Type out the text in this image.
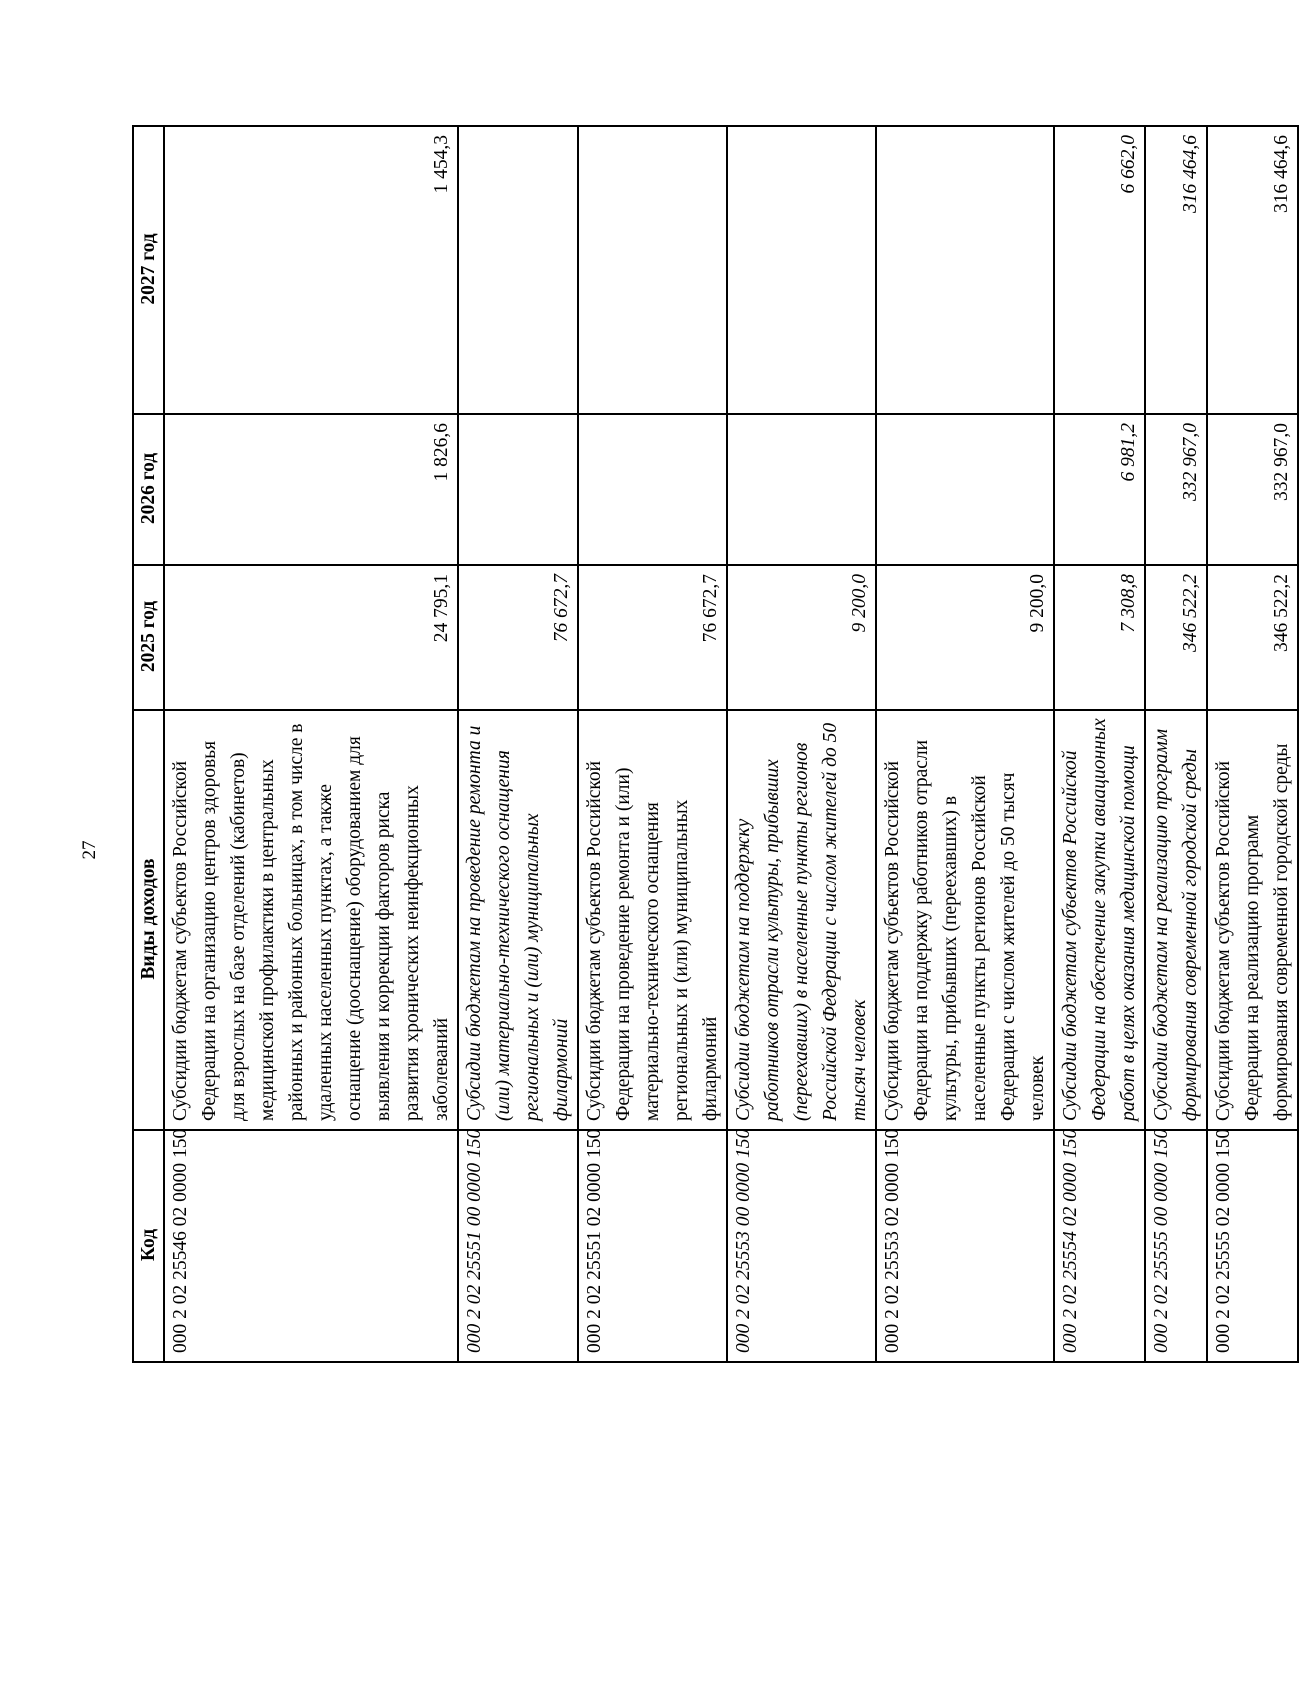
27
Код	Виды доходов	2025 год	2026 год	2027 год
000 2 02 25546 02 0000 150	Субсидии бюджетам субъектов Российской Федерации на организацию центров здоровья для взрослых на базе отделений (кабинетов) медицинской профилактики в центральных районных и районных больницах, в том числе в удаленных населенных пунктах, а также оснащение (дооснащение) оборудованием для выявления и коррекции факторов риска развития хронических неинфекционных заболеваний	24 795,1	1 826,6	1 454,3
000 2 02 25551 00 0000 150	Субсидии бюджетам на проведение ремонта и (или) материально-технического оснащения региональных и (или) муниципальных филармоний	76 672,7		
000 2 02 25551 02 0000 150	Субсидии бюджетам субъектов Российской Федерации на проведение ремонта и (или) материально-технического оснащения региональных и (или) муниципальных филармоний	76 672,7		
000 2 02 25553 00 0000 150	Субсидии бюджетам на поддержку работников отрасли культуры, прибывших (переехавших) в населенные пункты регионов Российской Федерации с числом жителей до 50 тысяч человек	9 200,0		
000 2 02 25553 02 0000 150	Субсидии бюджетам субъектов Российской Федерации на поддержку работников отрасли культуры, прибывших (переехавших) в населенные пункты регионов Российской Федерации с числом жителей до 50 тысяч человек	9 200,0		
000 2 02 25554 02 0000 150	Субсидии бюджетам субъектов Российской Федерации на обеспечение закупки авиационных работ в целях оказания медицинской помощи	7 308,8	6 981,2	6 662,0
000 2 02 25555 00 0000 150	Субсидии бюджетам на реализацию программ формирования современной городской среды	346 522,2	332 967,0	316 464,6
000 2 02 25555 02 0000 150	Субсидии бюджетам субъектов Российской Федерации на реализацию программ формирования современной городской среды	346 522,2	332 967,0	316 464,6
